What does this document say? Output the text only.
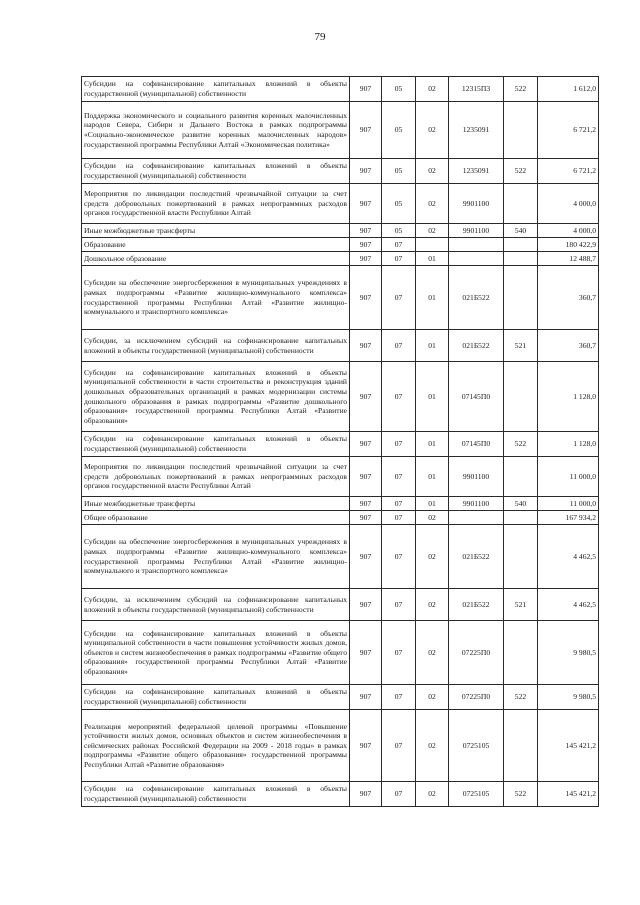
79
Субсидии на софинансирование капитальных вложений в объекты государственной (муниципальной) собственности	907	05	02	12315П3	522	1 612,0
Поддержка экономического и социального развития коренных малочисленных народов Севера, Сибири и Дальнего Востока в рамках подпрограммы «Социально-экономическое развитие коренных малочисленных народов» государственной программы Республики Алтай «Экономическая политика»	907	05	02	1235091		6 721,2
Субсидии на софинансирование капитальных вложений в объекты государственной (муниципальной) собственности	907	05	02	1235091	522	6 721,2
Мероприятия по ликвидации последствий чрезвычайной ситуации за счет средств добровольных пожертвований в рамках непрограммных расходов органов государственной власти Республики Алтай	907	05	02	9901100		4 000,0
Иные межбюджетные трансферты	907	05	02	9901100	540	4 000,0
Образование	907	07				180 422,9
Дошкольное образование	907	07	01			12 488,7
Субсидии на обеспечение энергосбережения в муниципальных учреждениях в рамках подпрограммы «Развитие жилищно-коммунального комплекса» государственной программы Республики Алтай «Развитие жилищно-коммунального и транспортного комплекса»	907	07	01	021Б522		360,7
Субсидии, за исключением субсидий на софинансирование капитальных вложений в объекты государственной (муниципальной) собственности	907	07	01	021Б522	521	360,7
Субсидии на софинансирование капитальных вложений в объекты муниципальной собственности в части строительства и реконструкция зданий дошкольных образовательных организаций в рамках модернизации системы дошкольного образования в рамках подпрограммы «Развитие дошкольного образования» государственной программы Республики Алтай «Развитие образования»	907	07	01	07145П0		1 128,0
Субсидии на софинансирование капитальных вложений в объекты государственной (муниципальной) собственности	907	07	01	07145П0	522	1 128,0
Мероприятия по ликвидации последствий чрезвычайной ситуации за счет средств добровольных пожертвований в рамках непрограммных расходов органов государственной власти Республики Алтай	907	07	01	9901100		11 000,0
Иные межбюджетные трансферты	907	07	01	9901100	540	11 000,0
Общее образование	907	07	02			167 934,2
Субсидии на обеспечение энергосбережения в муниципальных учреждениях в рамках подпрограммы «Развитие жилищно-коммунального комплекса» государственной программы Республики Алтай «Развитие жилищно-коммунального и транспортного комплекса»	907	07	02	021Б522		4 462,5
Субсидии, за исключением субсидий на софинансирование капитальных вложений в объекты государственной (муниципальной) собственности	907	07	02	021Б522	521	4 462,5
Субсидии на софинансирование капитальных вложений в объекты муниципальной собственности в части повышения устойчивости жилых домов, объектов и систем жизнеобеспечения в рамках подпрограммы «Развитие общего образования» государственной программы Республики Алтай «Развитие образования»	907	07	02	07225П0		9 980,5
Субсидии на софинансирование капитальных вложений в объекты государственной (муниципальной) собственности	907	07	02	07225П0	522	9 980,5
Реализация мероприятий федеральной целевой программы «Повышение устойчивости жилых домов, основных объектов и систем жизнеобеспечения в сейсмических районах Российской Федерации на 2009 - 2018 годы» в рамках подпрограммы «Развитие общего образования» государственной программы Республики Алтай «Развитие образования»	907	07	02	0725105		145 421,2
Субсидии на софинансирование капитальных вложений в объекты государственной (муниципальной) собственности	907	07	02	0725105	522	145 421,2
